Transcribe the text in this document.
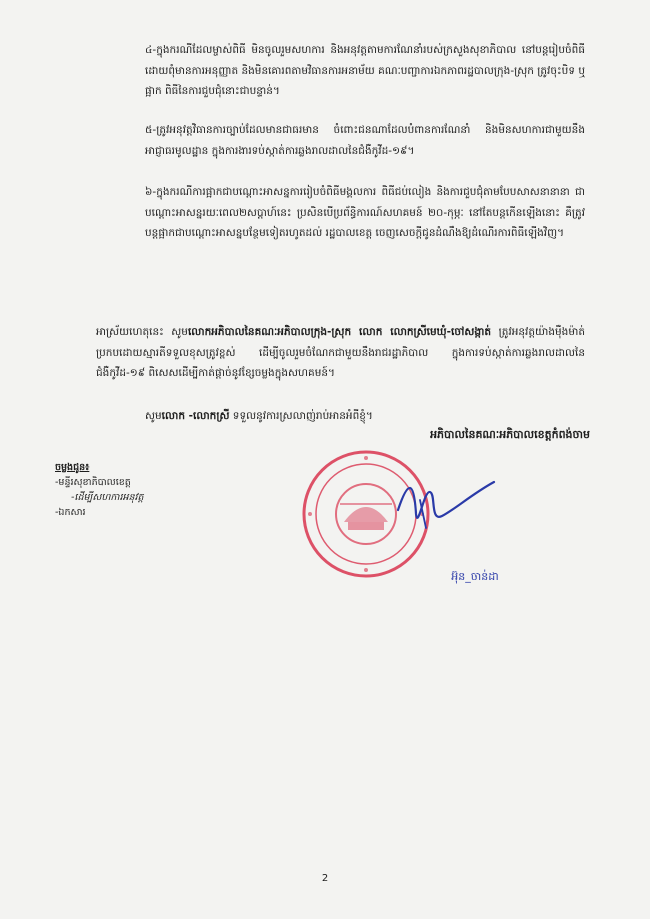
៤-ក្នុងករណីដែលម្ចាស់ពិធី មិនចូលរួមសហការ និងអនុវត្តតាមការណែនាំរបស់ក្រសួងសុខាភិបាល នៅបន្តរៀបចំពិធីដោយពុំមានការអនុញ្ញាត និងមិនគោរពតាមវិធានការអនាម័យ គណៈបញ្ជាការឯកភាពរដ្ឋបាលក្រុង-ស្រុក ត្រូវចុះបិទ ឬផ្អាក ពិធីនៃការជួបជុំនោះជាបន្ទាន់។

៥-ត្រូវអនុវត្តវិធានការច្បាប់ដែលមានជាធរមាន ចំពោះជនណាដែលបំពានការណែនាំ និងមិនសហការជាមួយនឹងអាជ្ញាធរមូលដ្ឋាន ក្នុងការងារទប់ស្កាត់ការឆ្លងរាលដាលនៃជំងឺកូវីដ-១៩។

៦-ក្នុងករណីការផ្អាកជាបណ្តោះអាសន្នការរៀបចំពិធីមង្គលការ ពិធីជប់លៀង និងការជួបជុំតាមបែបសាសនានានា ជាបណ្តោះអាសន្នរយៈពេល២សប្តាហ៍នេះ ប្រសិនបើប្រព័ន្ធិការណ៍សហគមន៍ ២០-កុម្ភៈ នៅតែបន្តកើនឡើងនោះ គឺត្រូវបន្តផ្អាកជាបណ្តោះអាសន្នបន្ថែមទៀតរហូតដល់ រដ្ឋបាលខេត្ត ចេញសេចក្តីជូនដំណឹងឱ្យដំណើរការពិធីឡើងវិញ។

អាស្រ័យហេតុនេះ សូមលោកអភិបាលនៃគណៈអភិបាលក្រុង-ស្រុក លោក លោកស្រីមេឃុំ-ចៅសង្កាត់ ត្រូវអនុវត្តយ៉ាងម៉ឺងម៉ាត់ ប្រកបដោយស្មារតីទទួលខុសត្រូវខ្ពស់ ដើម្បីចូលរួមចំណែកជាមួយនឹងរាជរដ្ឋាភិបាល ក្នុងការទប់ស្កាត់ការឆ្លងរាលដាលនៃជំងឺកូវីដ-១៩ ពិសេសដើម្បីកាត់ផ្តាច់នូវខ្សែចម្លងក្នុងសហគមន៍។

សូមលោក -លោកស្រី ទទួលនូវការស្រលាញ់រាប់អានអំពីខ្ញុំ។

អភិបាលនៃគណៈអភិបាលខេត្តកំពង់ចាម
ចម្លងជូន៖
-មន្ទីរសុខាភិបាលខេត្ត
-ដើម្បីសហការអនុវត្ត
-ឯកសារ
អ៊ុន_ចាន់ដា
2
